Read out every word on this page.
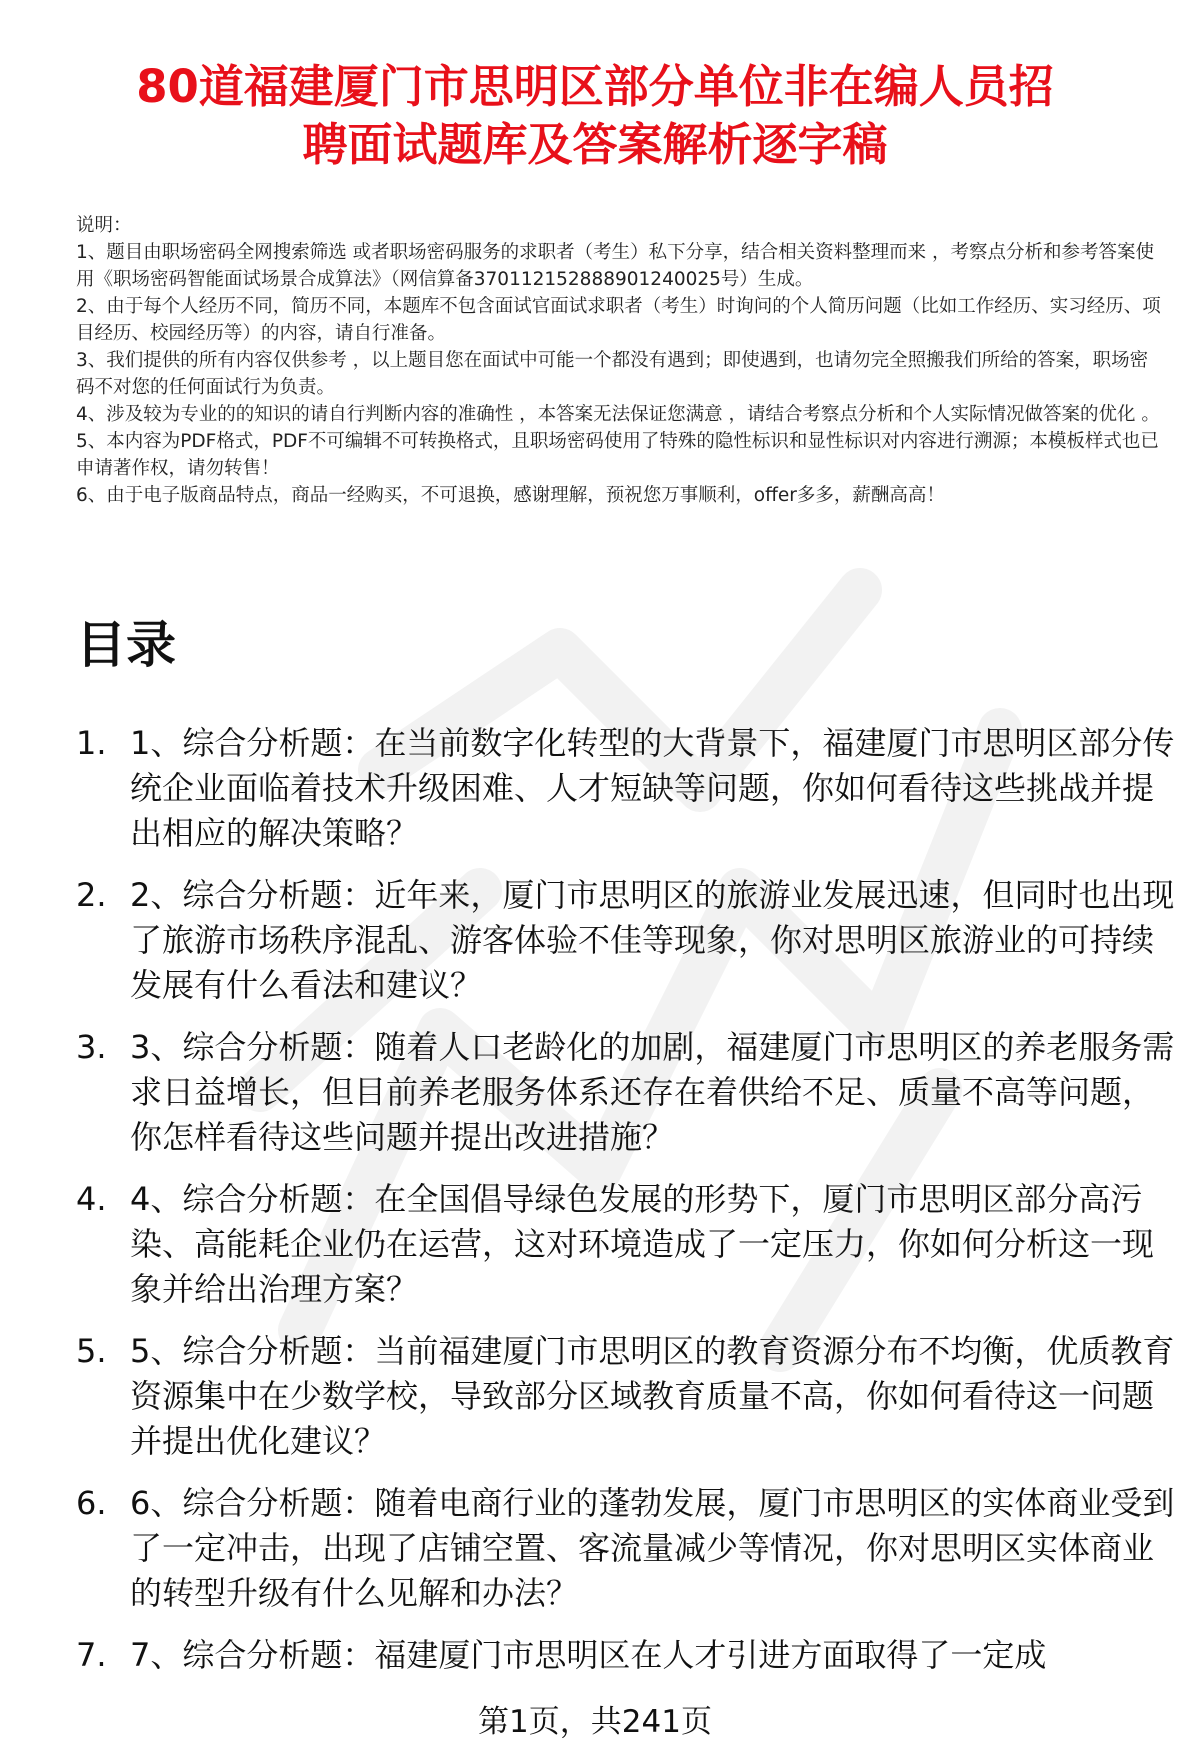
80道福建厦门市思明区部分单位非在编人员招
聘面试题库及答案解析逐字稿

说明：

1、题目由职场密码全网搜索筛选 或者职场密码服务的求职者（考生）私下分享，结合相关资料整理而来 ，考察点分析和参考答案使用《职场密码智能面试场景合成算法》（网信算备370112152888901240025号）生成。

2、由于每个人经历不同，简历不同，本题库不包含面试官面试求职者（考生）时询问的个人简历问题（比如工作经历、实习经历、项目经历、校园经历等）的内容，请自行准备。

3、我们提供的所有内容仅供参考 ，以上题目您在面试中可能一个都没有遇到；即使遇到，也请勿完全照搬我们所给的答案，职场密码不对您的任何面试行为负责。

4、涉及较为专业的的知识的请自行判断内容的准确性 ，本答案无法保证您满意 ，请结合考察点分析和个人实际情况做答案的优化 。

5、本内容为PDF格式，PDF不可编辑不可转换格式，且职场密码使用了特殊的隐性标识和显性标识对内容进行溯源；本模板样式也已申请著作权，请勿转售！

6、由于电子版商品特点，商品一经购买，不可退换，感谢理解，预祝您万事顺利，offer多多，薪酬高高！

目录
1. 1、综合分析题：在当前数字化转型的大背景下，福建厦门市思明区部分传统企业面临着技术升级困难、人才短缺等问题，你如何看待这些挑战并提出相应的解决策略？
2. 2、综合分析题：近年来，厦门市思明区的旅游业发展迅速，但同时也出现了旅游市场秩序混乱、游客体验不佳等现象，你对思明区旅游业的可持续发展有什么看法和建议？
3. 3、综合分析题：随着人口老龄化的加剧，福建厦门市思明区的养老服务需求日益增长，但目前养老服务体系还存在着供给不足、质量不高等问题，你怎样看待这些问题并提出改进措施？
4. 4、综合分析题：在全国倡导绿色发展的形势下，厦门市思明区部分高污染、高能耗企业仍在运营，这对环境造成了一定压力，你如何分析这一现象并给出治理方案？
5. 5、综合分析题：当前福建厦门市思明区的教育资源分布不均衡，优质教育资源集中在少数学校，导致部分区域教育质量不高，你如何看待这一问题并提出优化建议？
6. 6、综合分析题：随着电商行业的蓬勃发展，厦门市思明区的实体商业受到了一定冲击，出现了店铺空置、客流量减少等情况，你对思明区实体商业的转型升级有什么见解和办法？
7. 7、综合分析题：福建厦门市思明区在人才引进方面取得了一定成
第1页，共241页
